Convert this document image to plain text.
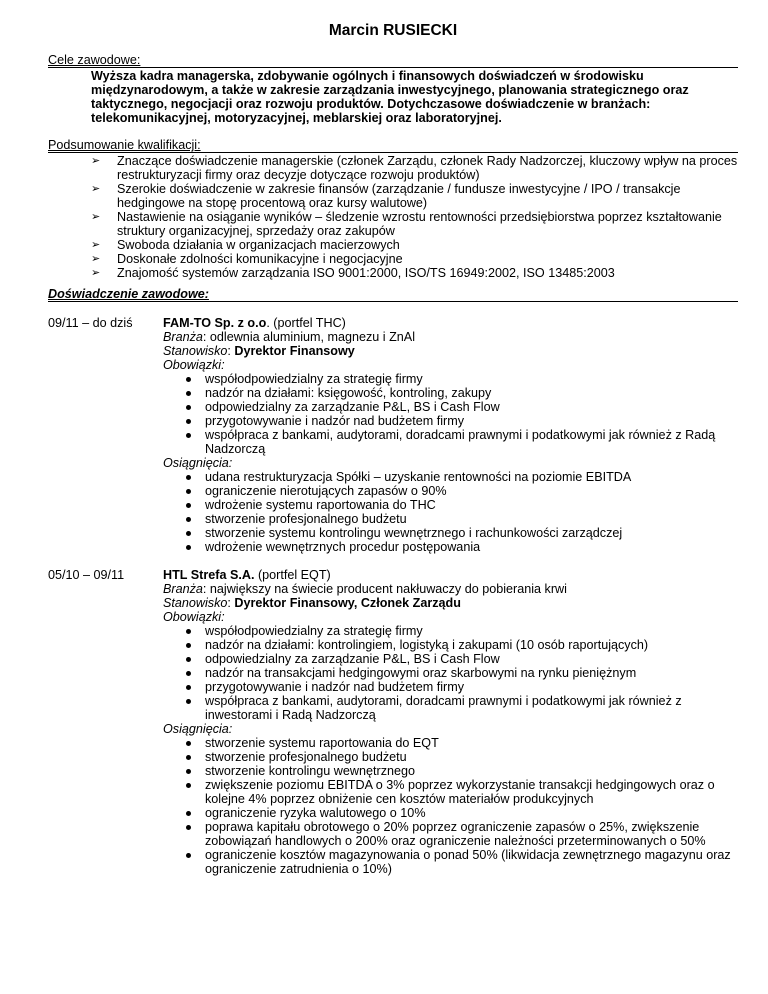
Marcin RUSIECKI
Cele zawodowe:
Wyższa kadra managerska, zdobywanie ogólnych i finansowych doświadczeń w środowisku międzynarodowym, a także w zakresie zarządzania inwestycyjnego, planowania strategicznego oraz taktycznego, negocjacji oraz rozwoju produktów. Dotychczasowe doświadczenie w branżach: telekomunikacyjnej, motoryzacyjnej, meblarskiej oraz laboratoryjnej.
Podsumowanie kwalifikacji:
➢ Znaczące doświadczenie managerskie (członek Zarządu, członek Rady Nadzorczej, kluczowy wpływ na proces restrukturyzacji firmy oraz decyzje dotyczące rozwoju produktów)
➢ Szerokie doświadczenie w zakresie finansów (zarządzanie / fundusze inwestycyjne / IPO / transakcje hedgingowe na stopę procentową oraz kursy walutowe)
➢ Nastawienie na osiąganie wyników – śledzenie wzrostu rentowności przedsiębiorstwa poprzez kształtowanie struktury organizacyjnej, sprzedaży oraz zakupów
➢ Swoboda działania w organizacjach macierzowych
➢ Doskonałe zdolności komunikacyjne i negocjacyjne
➢ Znajomość systemów zarządzania ISO 9001:2000, ISO/TS 16949:2002, ISO 13485:2003
Doświadczenie zawodowe:
09/11 – do dziś	FAM-TO Sp. z o.o. (portfel THC)
Branża: odlewnia aluminium, magnezu i ZnAl
Stanowisko: Dyrektor Finansowy
Obowiązki:
współodpowiedzialny za strategię firmy
nadzór na działami: księgowość, kontroling, zakupy
odpowiedzialny za zarządzanie P&L, BS i Cash Flow
przygotowywanie i nadzór nad budżetem firmy
współpraca z bankami, audytorami, doradcami prawnymi i podatkowymi jak również z Radą Nadzorczą
Osiągnięcia:
udana restrukturyzacja Spółki – uzyskanie rentowności na poziomie EBITDA
ograniczenie nierotujących zapasów o 90%
wdrożenie systemu raportowania do THC
stworzenie profesjonalnego budżetu
stworzenie systemu kontrolingu wewnętrznego i rachunkowości zarządczej
wdrożenie wewnętrznych procedur postępowania
05/10 – 09/11	HTL Strefa S.A. (portfel EQT)
Branża: największy na świecie producent nakłuwaczy do pobierania krwi
Stanowisko: Dyrektor Finansowy, Członek Zarządu
Obowiązki:
współodpowiedzialny za strategię firmy
nadzór na działami: kontrolingiem, logistyką i zakupami (10 osób raportujących)
odpowiedzialny za zarządzanie P&L, BS i Cash Flow
nadzór na transakcjami hedgingowymi oraz skarbowymi na rynku pieniężnym
przygotowywanie i nadzór nad budżetem firmy
współpraca z bankami, audytorami, doradcami prawnymi i podatkowymi jak również z inwestorami i Radą Nadzorczą
Osiągnięcia:
stworzenie systemu raportowania do EQT
stworzenie profesjonalnego budżetu
stworzenie kontrolingu wewnętrznego
zwiększenie poziomu EBITDA o 3% poprzez wykorzystanie transakcji hedgingowych oraz o kolejne 4% poprzez obniżenie cen kosztów materiałów produkcyjnych
ograniczenie ryzyka walutowego o 10%
poprawa kapitału obrotowego o 20% poprzez ograniczenie zapasów o 25%, zwiększenie zobowiązań handlowych o 200% oraz ograniczenie należności przeterminowanych o 50%
ograniczenie kosztów magazynowania o ponad 50% (likwidacja zewnętrznego magazynu oraz ograniczenie zatrudnienia o 10%)
